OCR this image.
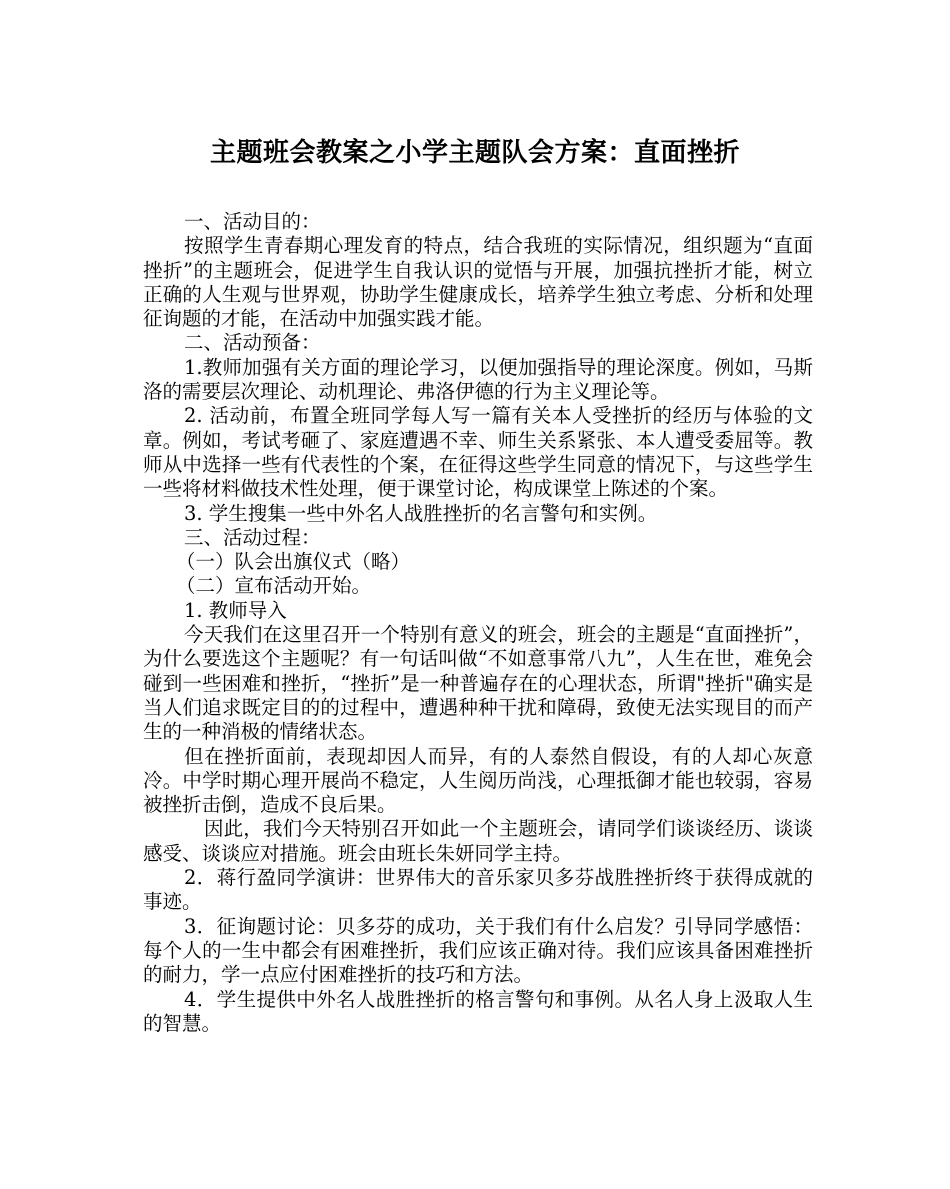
主题班会教案之小学主题队会方案：直面挫折

一、活动目的：

按照学生青春期心理发育的特点，结合我班的实际情况，组织题为“直面挫折”的主题班会，促进学生自我认识的觉悟与开展，加强抗挫折才能，树立正确的人生观与世界观，协助学生健康成长，培养学生独立考虑、分析和处理征询题的才能，在活动中加强实践才能。

二、活动预备：

1.教师加强有关方面的理论学习，以便加强指导的理论深度。例如，马斯洛的需要层次理论、动机理论、弗洛伊德的行为主义理论等。

2. 活动前，布置全班同学每人写一篇有关本人受挫折的经历与体验的文章。例如，考试考砸了、家庭遭遇不幸、师生关系紧张、本人遭受委屈等。教师从中选择一些有代表性的个案，在征得这些学生同意的情况下，与这些学生一些将材料做技术性处理，便于课堂讨论，构成课堂上陈述的个案。

3. 学生搜集一些中外名人战胜挫折的名言警句和实例。

三、活动过程：

（一）队会出旗仪式（略）

（二）宣布活动开始。

1. 教师导入

今天我们在这里召开一个特别有意义的班会，班会的主题是“直面挫折”，为什么要选这个主题呢？有一句话叫做“不如意事常八九”，人生在世，难免会碰到一些困难和挫折，“挫折”是一种普遍存在的心理状态，所谓"挫折"确实是当人们追求既定目的的过程中，遭遇种种干扰和障碍，致使无法实现目的而产生的一种消极的情绪状态。

但在挫折面前，表现却因人而异，有的人泰然自假设，有的人却心灰意冷。中学时期心理开展尚不稳定，人生阅历尚浅，心理抵御才能也较弱，容易被挫折击倒，造成不良后果。

因此，我们今天特别召开如此一个主题班会，请同学们谈谈经历、谈谈感受、谈谈应对措施。班会由班长朱妍同学主持。

2．蒋行盈同学演讲：世界伟大的音乐家贝多芬战胜挫折终于获得成就的事迹。

3．征询题讨论：贝多芬的成功，关于我们有什么启发？引导同学感悟：每个人的一生中都会有困难挫折，我们应该正确对待。我们应该具备困难挫折的耐力，学一点应付困难挫折的技巧和方法。

4．学生提供中外名人战胜挫折的格言警句和事例。从名人身上汲取人生的智慧。
